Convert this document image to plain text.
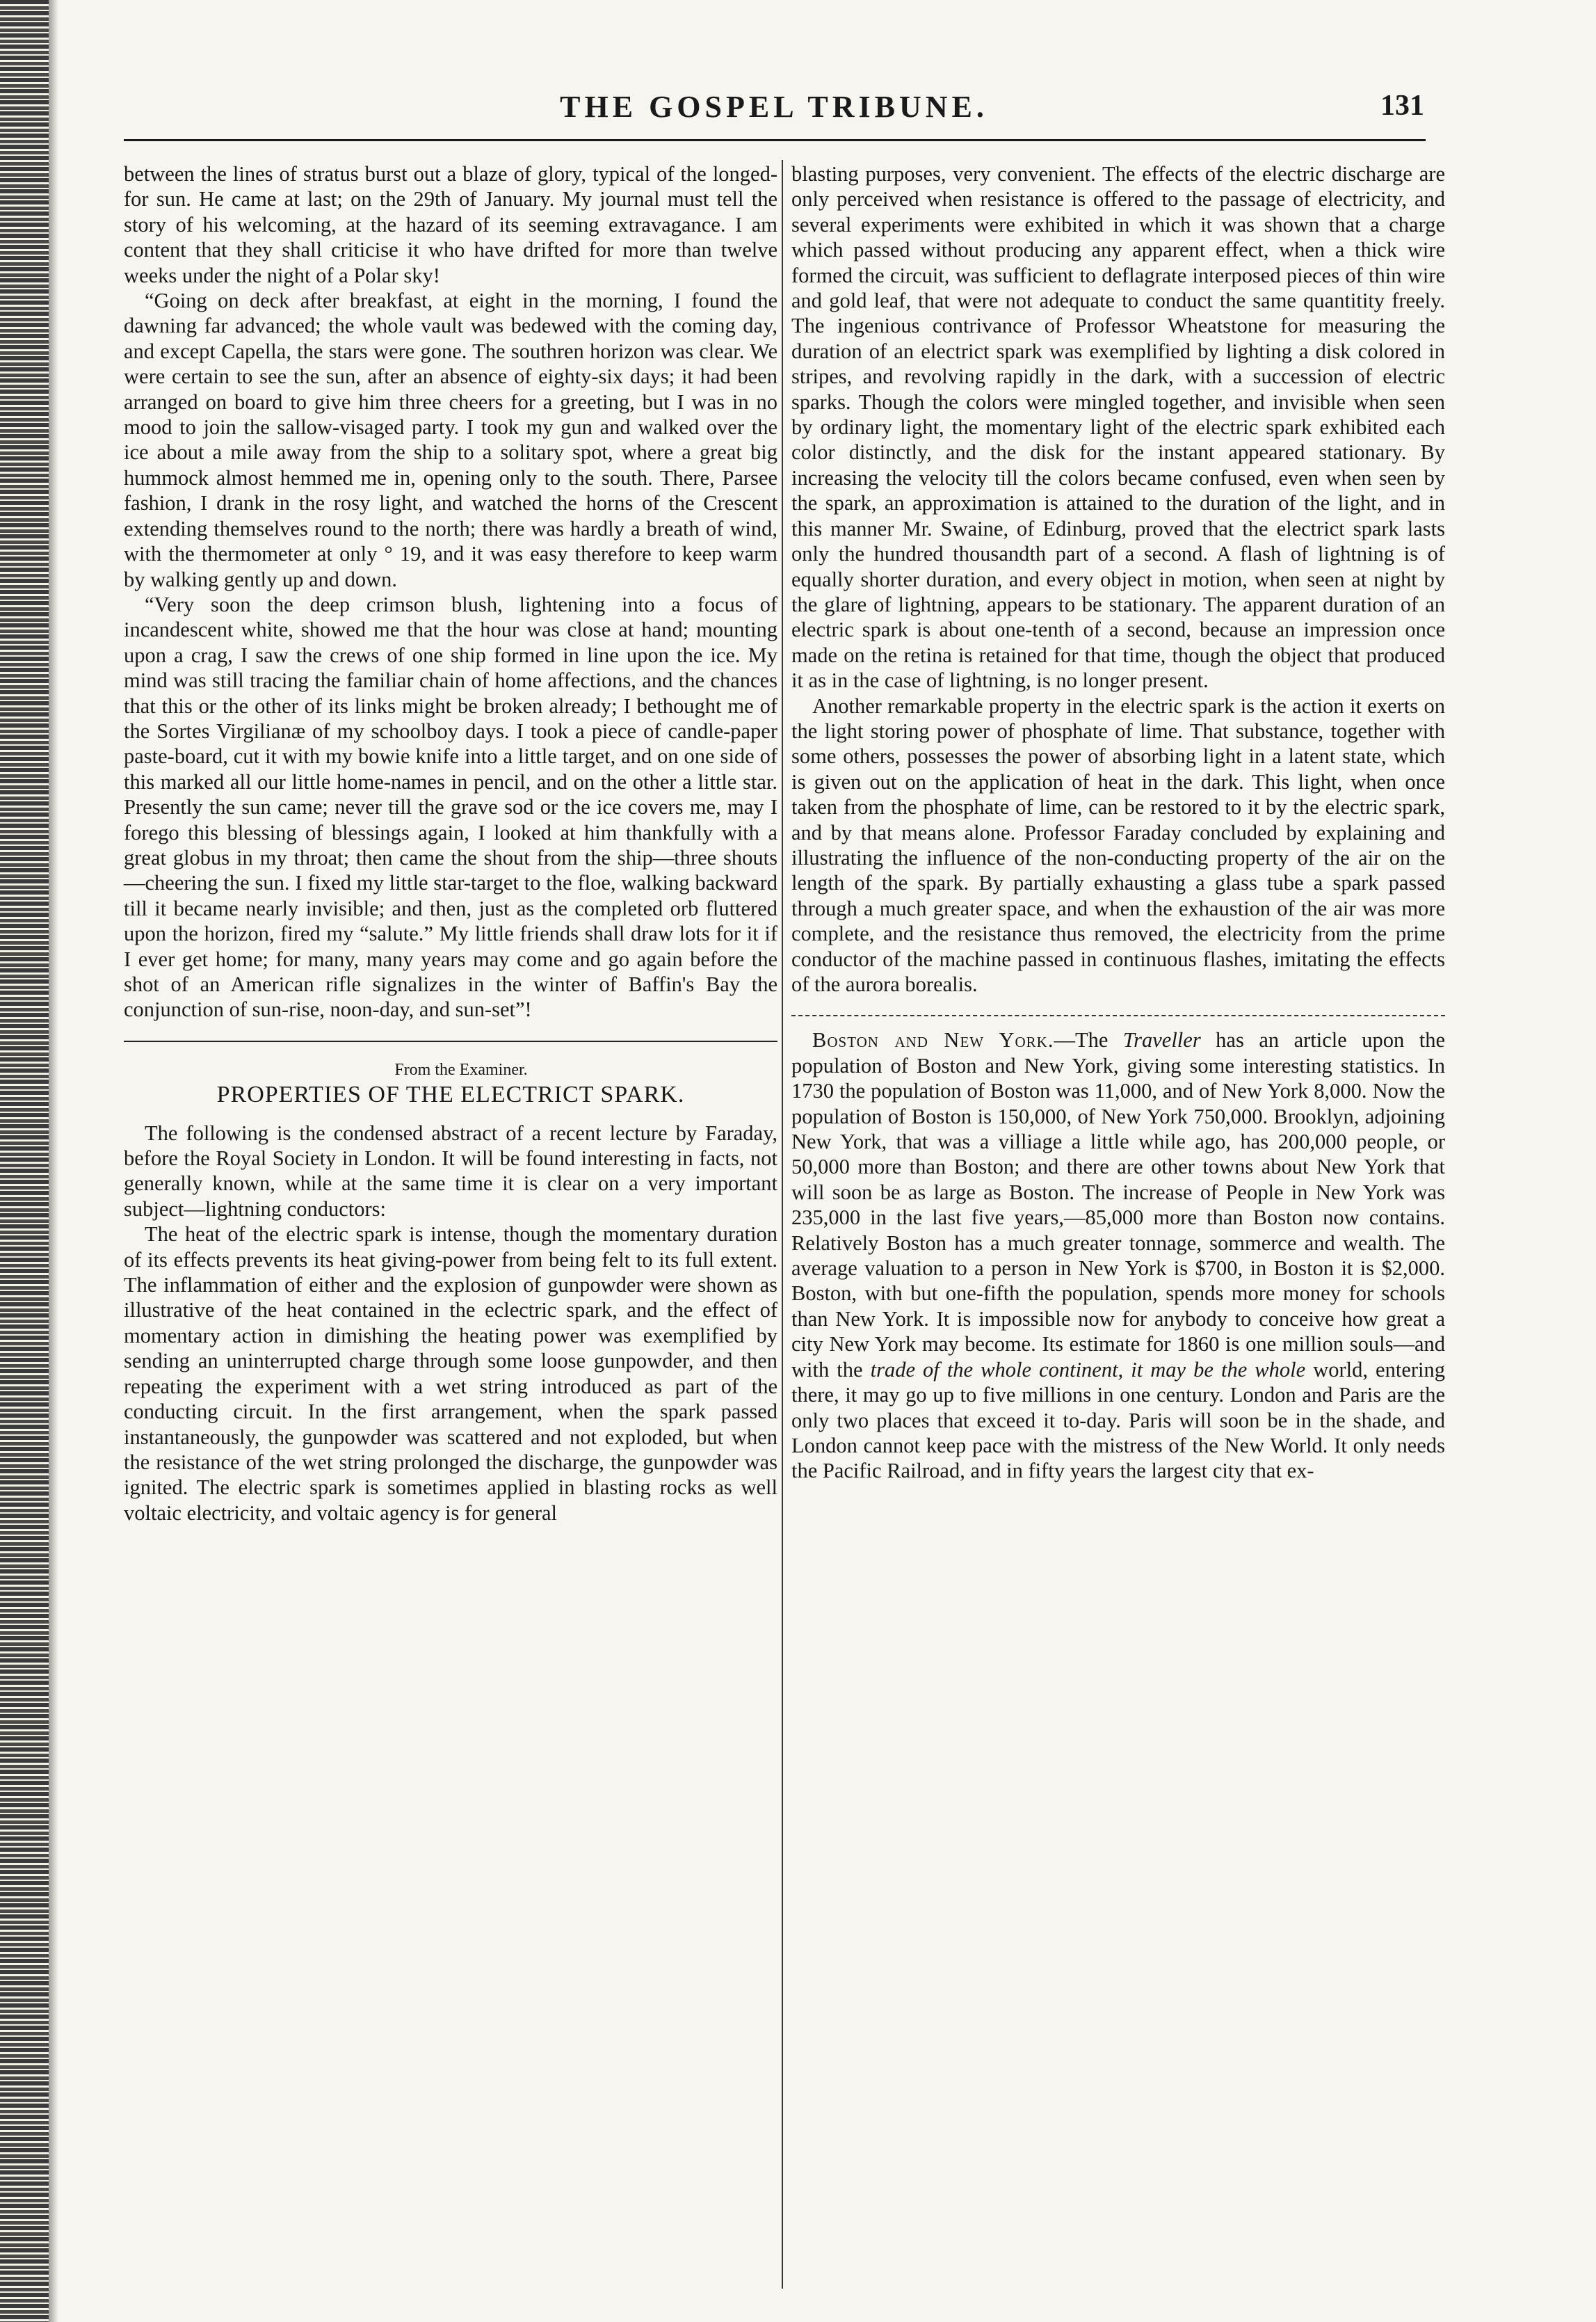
THE GOSPEL TRIBUNE.	131

between the lines of stratus burst out a blaze of glory, typical of the longed-for sun. He came at last; on the 29th of January. My journal must tell the story of his welcoming, at the hazard of its seeming extravagance. I am content that they shall criticise it who have drifted for more than twelve weeks under the night of a Polar sky!

“Going on deck after breakfast, at eight in the morning, I found the dawning far advanced; the whole vault was bedewed with the coming day, and except Capella, the stars were gone. The southren horizon was clear. We were certain to see the sun, after an absence of eighty-six days; it had been arranged on board to give him three cheers for a greeting, but I was in no mood to join the sallow-visaged party. I took my gun and walked over the ice about a mile away from the ship to a solitary spot, where a great big hummock almost hemmed me in, opening only to the south. There, Parsee fashion, I drank in the rosy light, and watched the horns of the Crescent extending themselves round to the north; there was hardly a breath of wind, with the thermometer at only ° 19, and it was easy therefore to keep warm by walking gently up and down.

“Very soon the deep crimson blush, lightening into a focus of incandescent white, showed me that the hour was close at hand; mounting upon a crag, I saw the crews of one ship formed in line upon the ice. My mind was still tracing the familiar chain of home affections, and the chances that this or the other of its links might be broken already; I bethought me of the Sortes Virgilianæ of my schoolboy days. I took a piece of candle-paper paste-board, cut it with my bowie knife into a little target, and on one side of this marked all our little home-names in pencil, and on the other a little star. Presently the sun came; never till the grave sod or the ice covers me, may I forego this blessing of blessings again, I looked at him thankfully with a great globus in my throat; then came the shout from the ship—three shouts—cheering the sun. I fixed my little star-target to the floe, walking backward till it became nearly invisible; and then, just as the completed orb fluttered upon the horizon, fired my “salute.” My little friends shall draw lots for it if I ever get home; for many, many years may come and go again before the shot of an American rifle signalizes in the winter of Baffin's Bay the conjunction of sun-rise, noon-day, and sun-set”!

From the Examiner.

PROPERTIES OF THE ELECTRICT SPARK.

The following is the condensed abstract of a recent lecture by Faraday, before the Royal Society in London. It will be found interesting in facts, not generally known, while at the same time it is clear on a very important subject—lightning conductors:

The heat of the electric spark is intense, though the momentary duration of its effects prevents its heat giving-power from being felt to its full extent. The inflammation of either and the explosion of gunpowder were shown as illustrative of the heat contained in the eclectric spark, and the effect of momentary action in dimishing the heating power was exemplified by sending an uninterrupted charge through some loose gunpowder, and then repeating the experiment with a wet string introduced as part of the conducting circuit. In the first arrangement, when the spark passed instantaneously, the gunpowder was scattered and not exploded, but when the resistance of the wet string prolonged the discharge, the gunpowder was ignited. The electric spark is sometimes applied in blasting rocks as well voltaic electricity, and voltaic agency is for general

blasting purposes, very convenient. The effects of the electric discharge are only perceived when resistance is offered to the passage of electricity, and several experiments were exhibited in which it was shown that a charge which passed without producing any apparent effect, when a thick wire formed the circuit, was sufficient to deflagrate interposed pieces of thin wire and gold leaf, that were not adequate to conduct the same quantitity freely. The ingenious contrivance of Professor Wheatstone for measuring the duration of an electrict spark was exemplified by lighting a disk colored in stripes, and revolving rapidly in the dark, with a succession of electric sparks. Though the colors were mingled together, and invisible when seen by ordinary light, the momentary light of the electric spark exhibited each color distinctly, and the disk for the instant appeared stationary. By increasing the velocity till the colors became confused, even when seen by the spark, an approximation is attained to the duration of the light, and in this manner Mr. Swaine, of Edinburg, proved that the electrict spark lasts only the hundred thousandth part of a second. A flash of lightning is of equally shorter duration, and every object in motion, when seen at night by the glare of lightning, appears to be stationary. The apparent duration of an electric spark is about one-tenth of a second, because an impression once made on the retina is retained for that time, though the object that produced it as in the case of lightning, is no longer present.

Another remarkable property in the electric spark is the action it exerts on the light storing power of phosphate of lime. That substance, together with some others, possesses the power of absorbing light in a latent state, which is given out on the application of heat in the dark. This light, when once taken from the phosphate of lime, can be restored to it by the electric spark, and by that means alone. Professor Faraday concluded by explaining and illustrating the influence of the non-conducting property of the air on the length of the spark. By partially exhausting a glass tube a spark passed through a much greater space, and when the exhaustion of the air was more complete, and the resistance thus removed, the electricity from the prime conductor of the machine passed in continuous flashes, imitating the effects of the aurora borealis.

Boston and New York.—The Traveller has an article upon the population of Boston and New York, giving some interesting statistics. In 1730 the population of Boston was 11,000, and of New York 8,000. Now the population of Boston is 150,000, of New York 750,000. Brooklyn, adjoining New York, that was a villiage a little while ago, has 200,000 people, or 50,000 more than Boston; and there are other towns about New York that will soon be as large as Boston. The increase of People in New York was 235,000 in the last five years,—85,000 more than Boston now contains. Relatively Boston has a much greater tonnage, sommerce and wealth. The average valuation to a person in New York is $700, in Boston it is $2,000. Boston, with but one-fifth the population, spends more money for schools than New York. It is impossible now for anybody to conceive how great a city New York may become. Its estimate for 1860 is one million souls—and with the trade of the whole continent, it may be the whole world, entering there, it may go up to five millions in one century. London and Paris are the only two places that exceed it to-day. Paris will soon be in the shade, and London cannot keep pace with the mistress of the New World. It only needs the Pacific Railroad, and in fifty years the largest city that ex-
